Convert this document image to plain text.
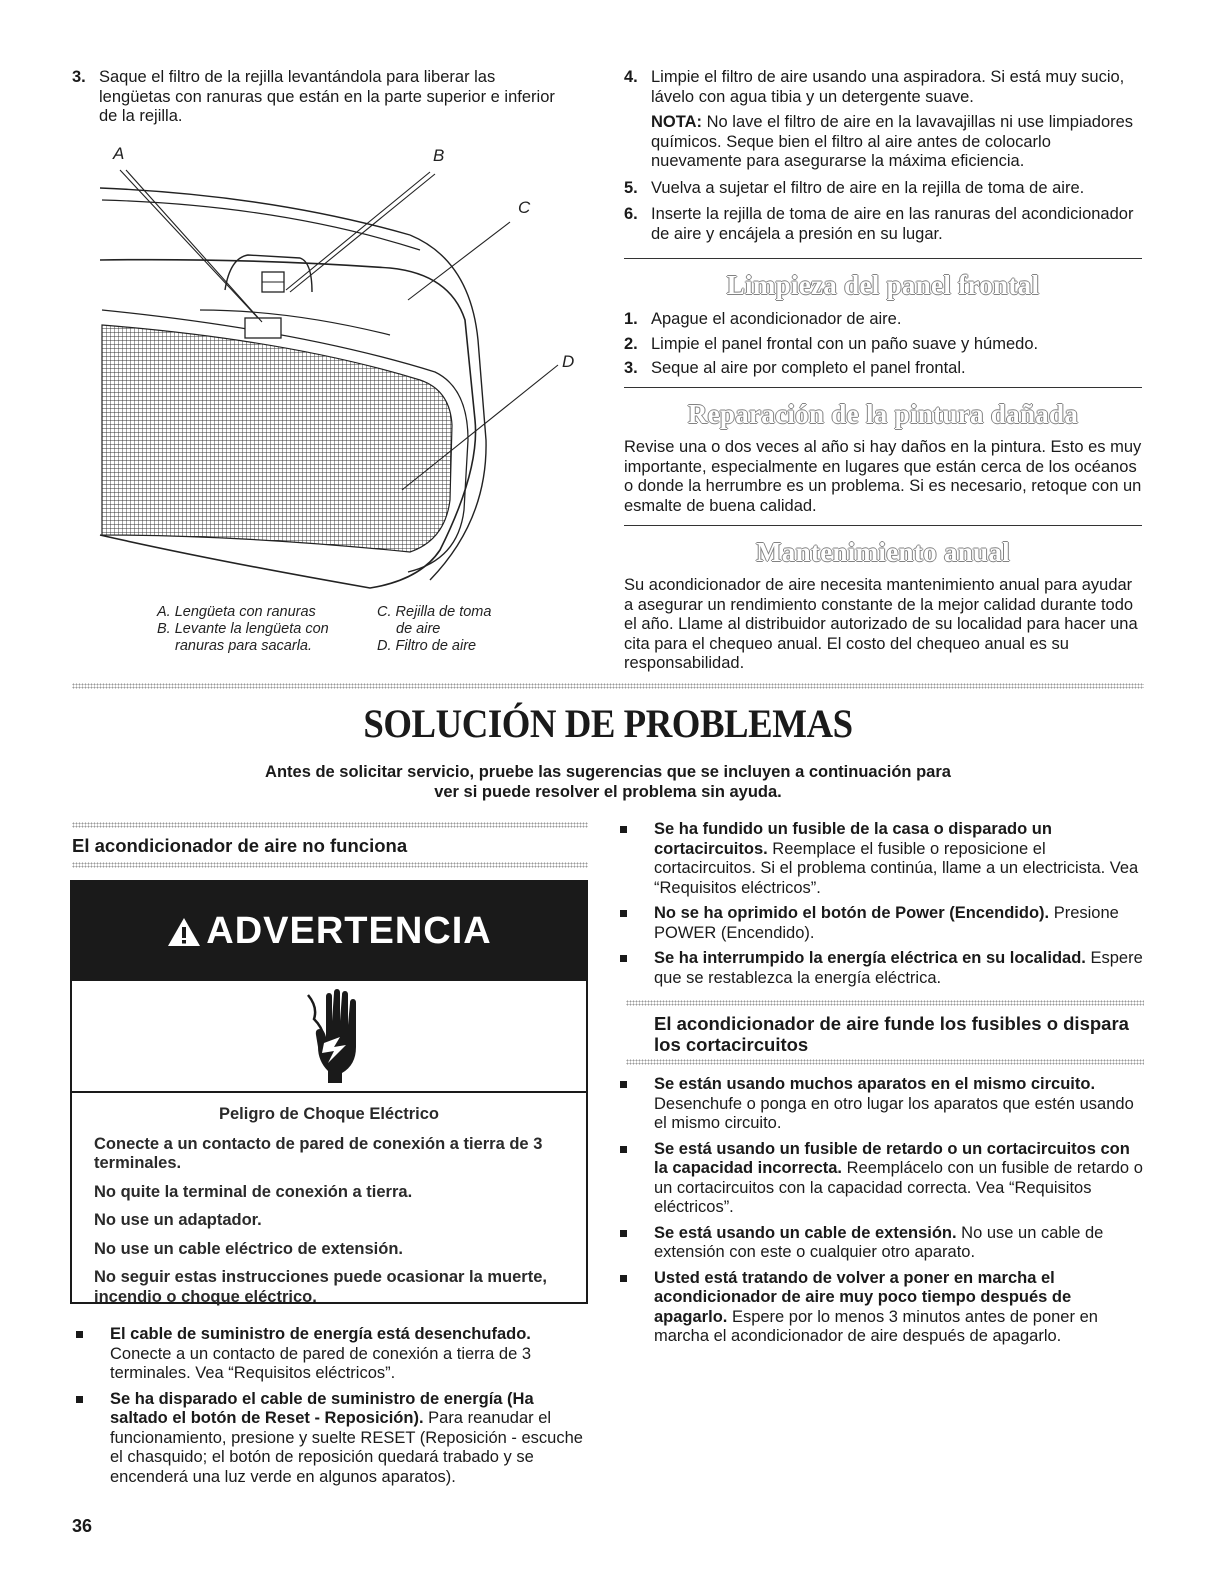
3. Saque el filtro de la rejilla levantándola para liberar las lengüetas con ranuras que están en la parte superior e inferior de la rejilla.
A	B
C
D
A. Lengüeta con ranuras
B. Levante la lengüeta con
ranuras para sacarla.
C. Rejilla de toma
de aire
D. Filtro de aire
4. Limpie el filtro de aire usando una aspiradora. Si está muy sucio, lávelo con agua tibia y un detergente suave.
NOTA: No lave el filtro de aire en la lavavajillas ni use limpiadores químicos. Seque bien el filtro al aire antes de colocarlo nuevamente para asegurarse la máxima eficiencia.
5. Vuelva a sujetar el filtro de aire en la rejilla de toma de aire.
6. Inserte la rejilla de toma de aire en las ranuras del acondicionador de aire y encájela a presión en su lugar.
Limpieza del panel frontal
1. Apague el acondicionador de aire.
2. Limpie el panel frontal con un paño suave y húmedo.
3. Seque al aire por completo el panel frontal.
Reparación de la pintura dañada
Revise una o dos veces al año si hay daños en la pintura. Esto es muy importante, especialmente en lugares que están cerca de los océanos o donde la herrumbre es un problema. Si es necesario, retoque con un esmalte de buena calidad.
Mantenimiento anual
Su acondicionador de aire necesita mantenimiento anual para ayudar a asegurar un rendimiento constante de la mejor calidad durante todo el año. Llame al distribuidor autorizado de su localidad para hacer una cita para el chequeo anual. El costo del chequeo anual es su responsabilidad.
SOLUCIÓN DE PROBLEMAS
Antes de solicitar servicio, pruebe las sugerencias que se incluyen a continuación para
ver si puede resolver el problema sin ayuda.
El acondicionador de aire no funciona
ADVERTENCIA

Peligro de Choque Eléctrico

Conecte a un contacto de pared de conexión a tierra de 3 terminales.

No quite la terminal de conexión a tierra.

No use un adaptador.

No use un cable eléctrico de extensión.

No seguir estas instrucciones puede ocasionar la muerte, incendio o choque eléctrico.

El cable de suministro de energía está desenchufado. Conecte a un contacto de pared de conexión a tierra de 3 terminales. Vea “Requisitos eléctricos”.
Se ha disparado el cable de suministro de energía (Ha saltado el botón de Reset - Reposición). Para reanudar el funcionamiento, presione y suelte RESET (Reposición - escuche el chasquido; el botón de reposición quedará trabado y se encenderá una luz verde en algunos aparatos).
Se ha fundido un fusible de la casa o disparado un cortacircuitos. Reemplace el fusible o reposicione el cortacircuitos. Si el problema continúa, llame a un electricista. Vea “Requisitos eléctricos”.
No se ha oprimido el botón de Power (Encendido). Presione POWER (Encendido).
Se ha interrumpido la energía eléctrica en su localidad. Espere que se restablezca la energía eléctrica.
El acondicionador de aire funde los fusibles o dispara los cortacircuitos
Se están usando muchos aparatos en el mismo circuito. Desenchufe o ponga en otro lugar los aparatos que estén usando el mismo circuito.
Se está usando un fusible de retardo o un cortacircuitos con la capacidad incorrecta. Reemplácelo con un fusible de retardo o un cortacircuitos con la capacidad correcta. Vea “Requisitos eléctricos”.
Se está usando un cable de extensión. No use un cable de extensión con este o cualquier otro aparato.
Usted está tratando de volver a poner en marcha el acondicionador de aire muy poco tiempo después de apagarlo. Espere por lo menos 3 minutos antes de poner en marcha el acondicionador de aire después de apagarlo.
36
